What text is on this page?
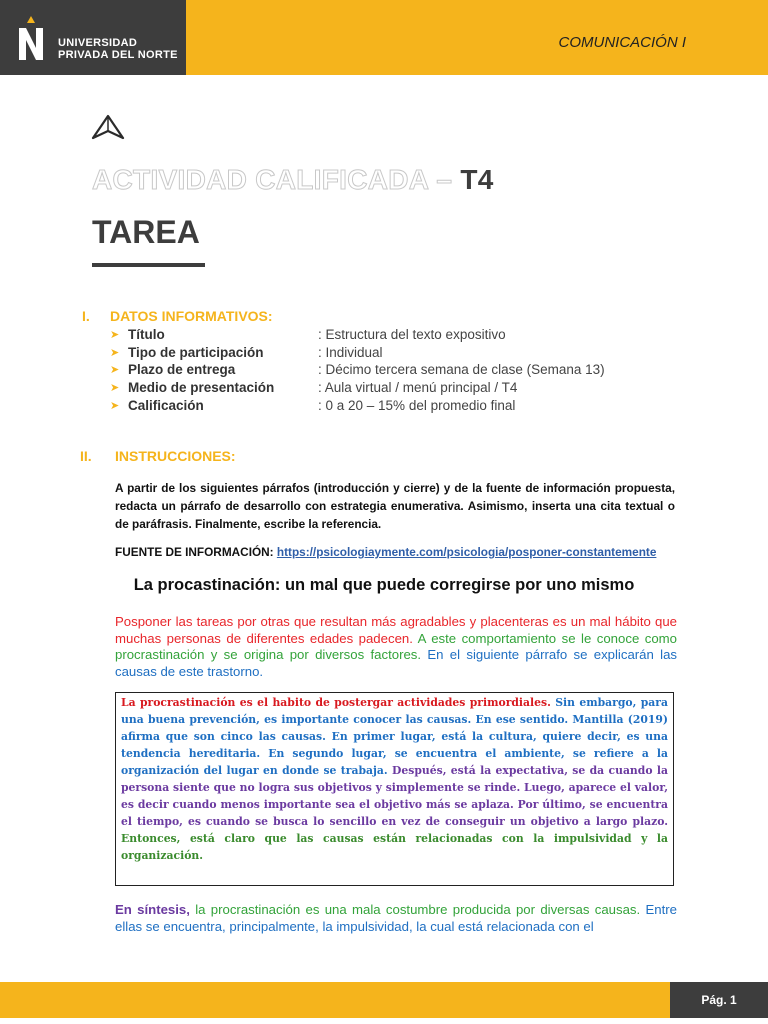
UNIVERSIDAD
PRIVADA DEL NORTE
COMUNICACIÓN I
ACTIVIDAD CALIFICADA – T4
TAREA
I. DATOS INFORMATIVOS:
➤ Título	: Estructura del texto expositivo
➤ Tipo de participación	: Individual
➤ Plazo de entrega	: Décimo tercera semana de clase (Semana 13)
➤ Medio de presentación	: Aula virtual / menú principal / T4
➤ Calificación	: 0 a 20 – 15% del promedio final
II. INSTRUCCIONES:
A partir de los siguientes párrafos (introducción y cierre) y de la fuente de información propuesta, redacta un párrafo de desarrollo con estrategia enumerativa. Asimismo, inserta una cita textual o de paráfrasis. Finalmente, escribe la referencia.
FUENTE DE INFORMACIÓN: https://psicologiaymente.com/psicologia/posponer-constantemente
La procastinación: un mal que puede corregirse por uno mismo
Posponer las tareas por otras que resultan más agradables y placenteras es un mal hábito que muchas personas de diferentes edades padecen. A este comportamiento se le conoce como procrastinación y se origina por diversos factores. En el siguiente párrafo se explicarán las causas de este trastorno.
La procrastinación es el habito de postergar actividades primordiales. Sin embargo, para una buena prevención, es importante conocer las causas. En ese sentido. Mantilla (2019) afirma que son cinco las causas. En primer lugar, está la cultura, quiere decir, es una tendencia hereditaria. En segundo lugar, se encuentra el ambiente, se refiere a la organización del lugar en donde se trabaja. Después, está la expectativa, se da cuando la persona siente que no logra sus objetivos y simplemente se rinde. Luego, aparece el valor, es decir cuando menos importante sea el objetivo más se aplaza. Por último, se encuentra el tiempo, es cuando se busca lo sencillo en vez de conseguir un objetivo a largo plazo. Entonces, está claro que las causas están relacionadas con la impulsividad y la organización.
En síntesis, la procrastinación es una mala costumbre producida por diversas causas. Entre ellas se encuentra, principalmente, la impulsividad, la cual está relacionada con el
Pág. 1
